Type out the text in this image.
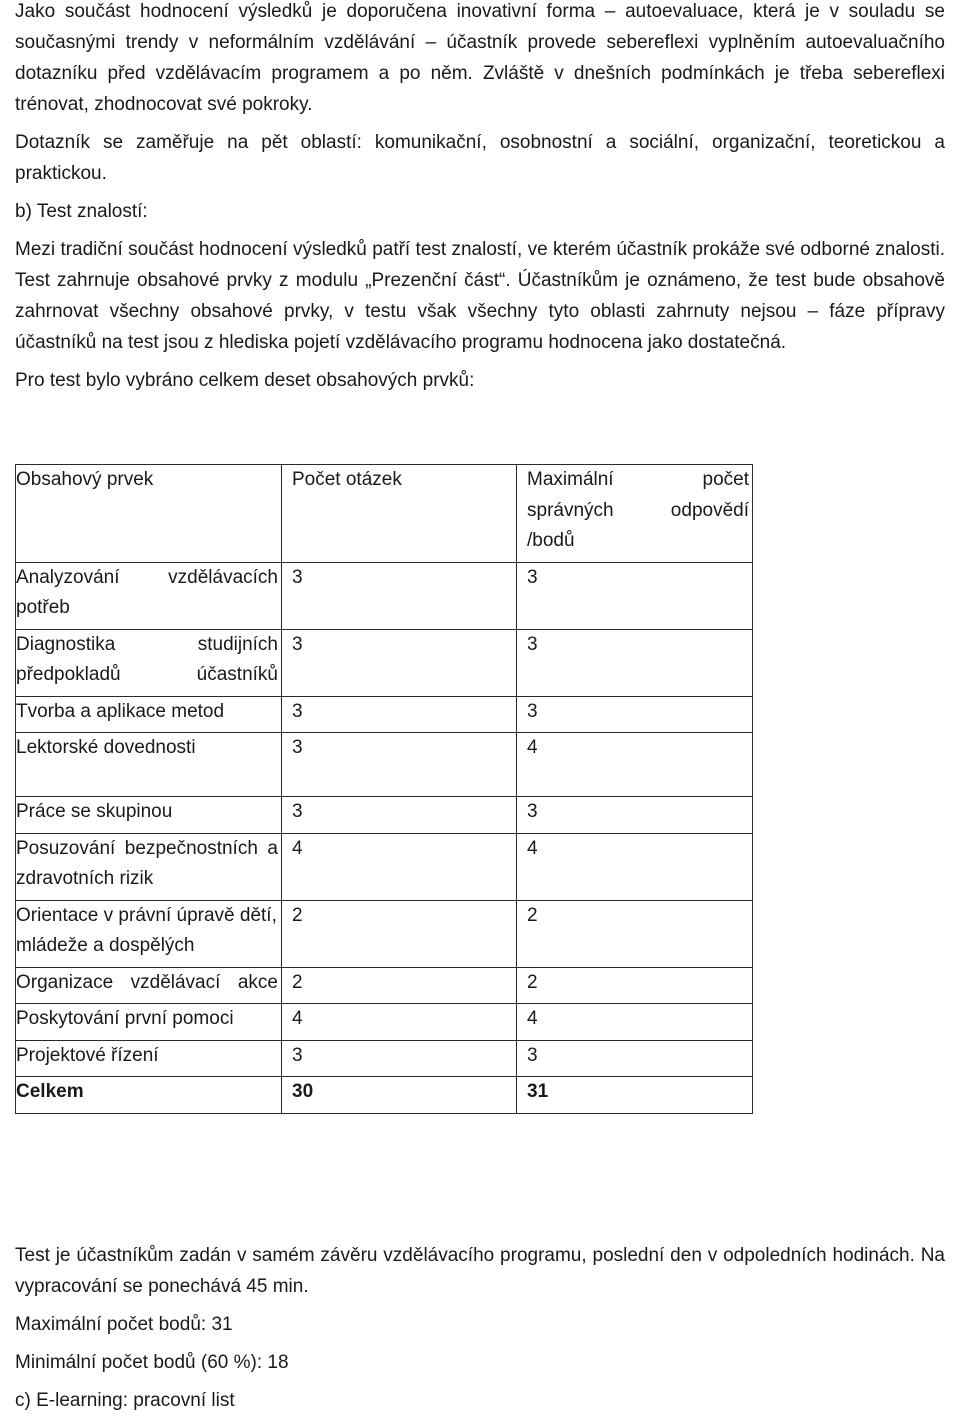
Jako součást hodnocení výsledků je doporučena inovativní forma – autoevaluace, která je v souladu se současnými trendy v neformálním vzdělávání – účastník provede sebereflexi vyplněním autoevaluačního dotazníku před vzdělávacím programem a po něm. Zvláště v dnešních podmínkách je třeba sebereflexi trénovat, zhodnocovat své pokroky.

Dotazník se zaměřuje na pět oblastí: komunikační, osobnostní a sociální, organizační, teoretickou a praktickou.

b) Test znalostí:

Mezi tradiční součást hodnocení výsledků patří test znalostí, ve kterém účastník prokáže své odborné znalosti. Test zahrnuje obsahové prvky z modulu „Prezenční část“. Účastníkům je oznámeno, že test bude obsahově zahrnovat všechny obsahové prvky, v testu však všechny tyto oblasti zahrnuty nejsou – fáze přípravy účastníků na test jsou z hlediska pojetí vzdělávacího programu hodnocena jako dostatečná.

Pro test bylo vybráno celkem deset obsahových prvků:

Obsahový prvek	Počet otázek	Maximální počet správných odpovědí /bodů

Analyzování vzdělávacích potřeb	3	3

Diagnostika studijních předpokladů účastníků	3	3

Tvorba a aplikace metod	3	3

Lektorské dovednosti	3	4

Práce se skupinou	3	3

Posuzování bezpečnostních a zdravotních rizik	4	4

Orientace v právní úpravě dětí, mládeže a dospělých	2	2

Organizace vzdělávací akce	2	2

Poskytování první pomoci	4	4

Projektové řízení	3	3

Celkem	30	31

Test je účastníkům zadán v samém závěru vzdělávacího programu, poslední den v odpoledních hodinách. Na vypracování se ponechává 45 min.

Maximální počet bodů: 31

Minimální počet bodů (60 %): 18

c) E-learning: pracovní list
